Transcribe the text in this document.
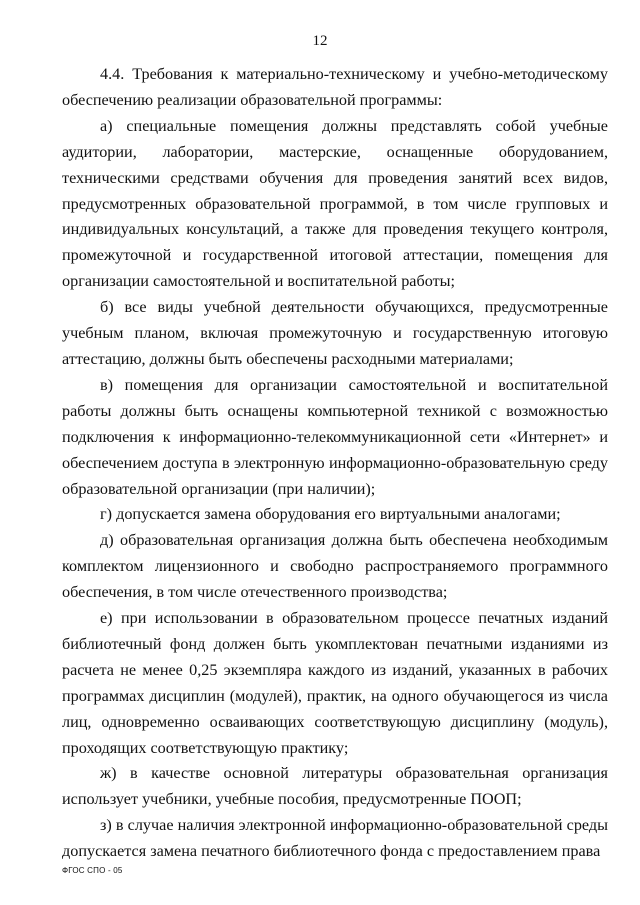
12

4.4. Требования к материально-техническому и учебно-методическому обеспечению реализации образовательной программы:

а) специальные помещения должны представлять собой учебные аудитории, лаборатории, мастерские, оснащенные оборудованием, техническими средствами обучения для проведения занятий всех видов, предусмотренных образовательной программой, в том числе групповых и индивидуальных консультаций, а также для проведения текущего контроля, промежуточной и государственной итоговой аттестации, помещения для организации самостоятельной и воспитательной работы;

б) все виды учебной деятельности обучающихся, предусмотренные учебным планом, включая промежуточную и государственную итоговую аттестацию, должны быть обеспечены расходными материалами;

в) помещения для организации самостоятельной и воспитательной работы должны быть оснащены компьютерной техникой с возможностью подключения к информационно-телекоммуникационной сети «Интернет» и обеспечением доступа в электронную информационно-образовательную среду образовательной организации (при наличии);

г) допускается замена оборудования его виртуальными аналогами;

д) образовательная организация должна быть обеспечена необходимым комплектом лицензионного и свободно распространяемого программного обеспечения, в том числе отечественного производства;

е) при использовании в образовательном процессе печатных изданий библиотечный фонд должен быть укомплектован печатными изданиями из расчета не менее 0,25 экземпляра каждого из изданий, указанных в рабочих программах дисциплин (модулей), практик, на одного обучающегося из числа лиц, одновременно осваивающих соответствующую дисциплину (модуль), проходящих соответствующую практику;

ж) в качестве основной литературы образовательная организация использует учебники, учебные пособия, предусмотренные ПООП;

з) в случае наличия электронной информационно-образовательной среды допускается замена печатного библиотечного фонда с предоставлением права

ФГОС СПО - 05
